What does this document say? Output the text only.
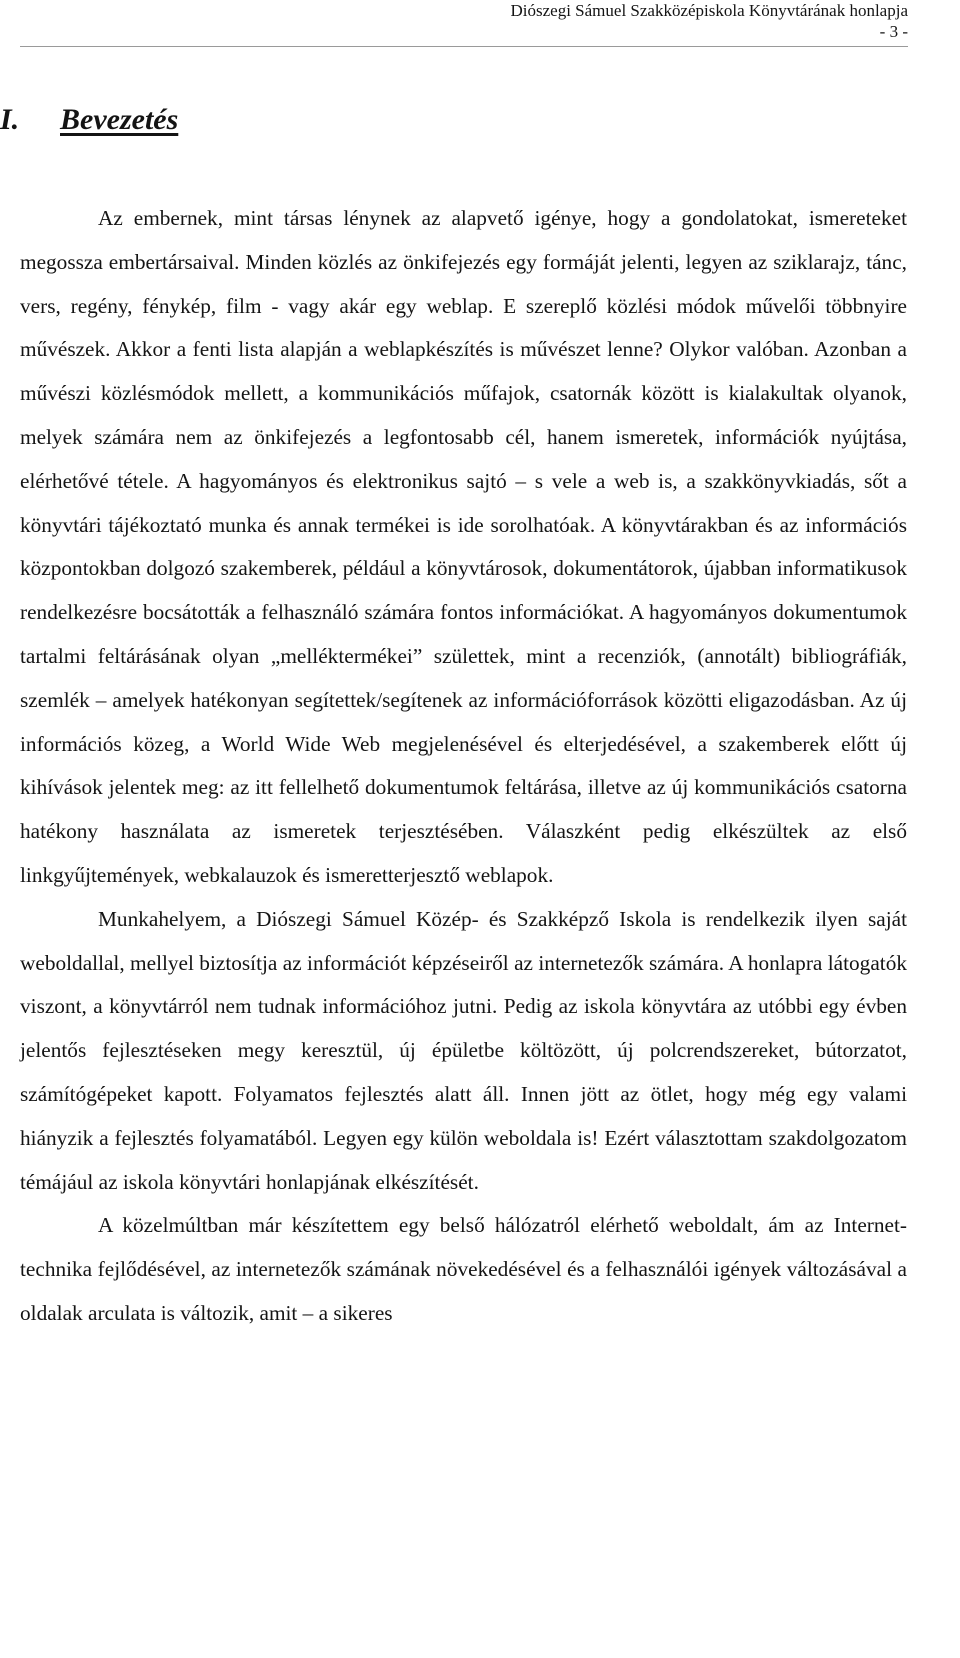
Diószegi Sámuel Szakközépiskola Könyvtárának honlapja
- 3 -
I. Bevezetés

Az embernek, mint társas lénynek az alapvető igénye, hogy a gondolatokat, ismereteket megossza embertársaival. Minden közlés az önkifejezés egy formáját jelenti, legyen az sziklarajz, tánc, vers, regény, fénykép, film - vagy akár egy weblap. E szereplő közlési módok művelői többnyire művészek. Akkor a fenti lista alapján a weblapkészítés is művészet lenne? Olykor valóban. Azonban a művészi közlésmódok mellett, a kommunikációs műfajok, csatornák között is kialakultak olyanok, melyek számára nem az önkifejezés a legfontosabb cél, hanem ismeretek, információk nyújtása, elérhetővé tétele. A hagyományos és elektronikus sajtó – s vele a web is, a szakkönyvkiadás, sőt a könyvtári tájékoztató munka és annak termékei is ide sorolhatóak. A könyvtárakban és az információs központokban dolgozó szakemberek, például a könyvtárosok, dokumentátorok, újabban informatikusok rendelkezésre bocsátották a felhasználó számára fontos információkat. A hagyományos dokumentumok tartalmi feltárásának olyan „melléktermékei” születtek, mint a recenziók, (annotált) bibliográfiák, szemlék – amelyek hatékonyan segítettek/segítenek az információforrások közötti eligazodásban. Az új információs közeg, a World Wide Web megjelenésével és elterjedésével, a szakemberek előtt új kihívások jelentek meg: az itt fellelhető dokumentumok feltárása, illetve az új kommunikációs csatorna hatékony használata az ismeretek terjesztésében. Válaszként pedig elkészültek az első linkgyűjtemények, webkalauzok és ismeretterjesztő weblapok.

Munkahelyem, a Diószegi Sámuel Közép- és Szakképző Iskola is rendelkezik ilyen saját weboldallal, mellyel biztosítja az információt képzéseiről az internetezők számára. A honlapra látogatók viszont, a könyvtárról nem tudnak információhoz jutni. Pedig az iskola könyvtára az utóbbi egy évben jelentős fejlesztéseken megy keresztül, új épületbe költözött, új polcrendszereket, bútorzatot, számítógépeket kapott. Folyamatos fejlesztés alatt áll. Innen jött az ötlet, hogy még egy valami hiányzik a fejlesztés folyamatából. Legyen egy külön weboldala is! Ezért választottam szakdolgozatom témájául az iskola könyvtári honlapjának elkészítését.

A közelmúltban már készítettem egy belső hálózatról elérhető weboldalt, ám az Internet-technika fejlődésével, az internetezők számának növekedésével és a felhasználói igények változásával a oldalak arculata is változik, amit – a sikeres
